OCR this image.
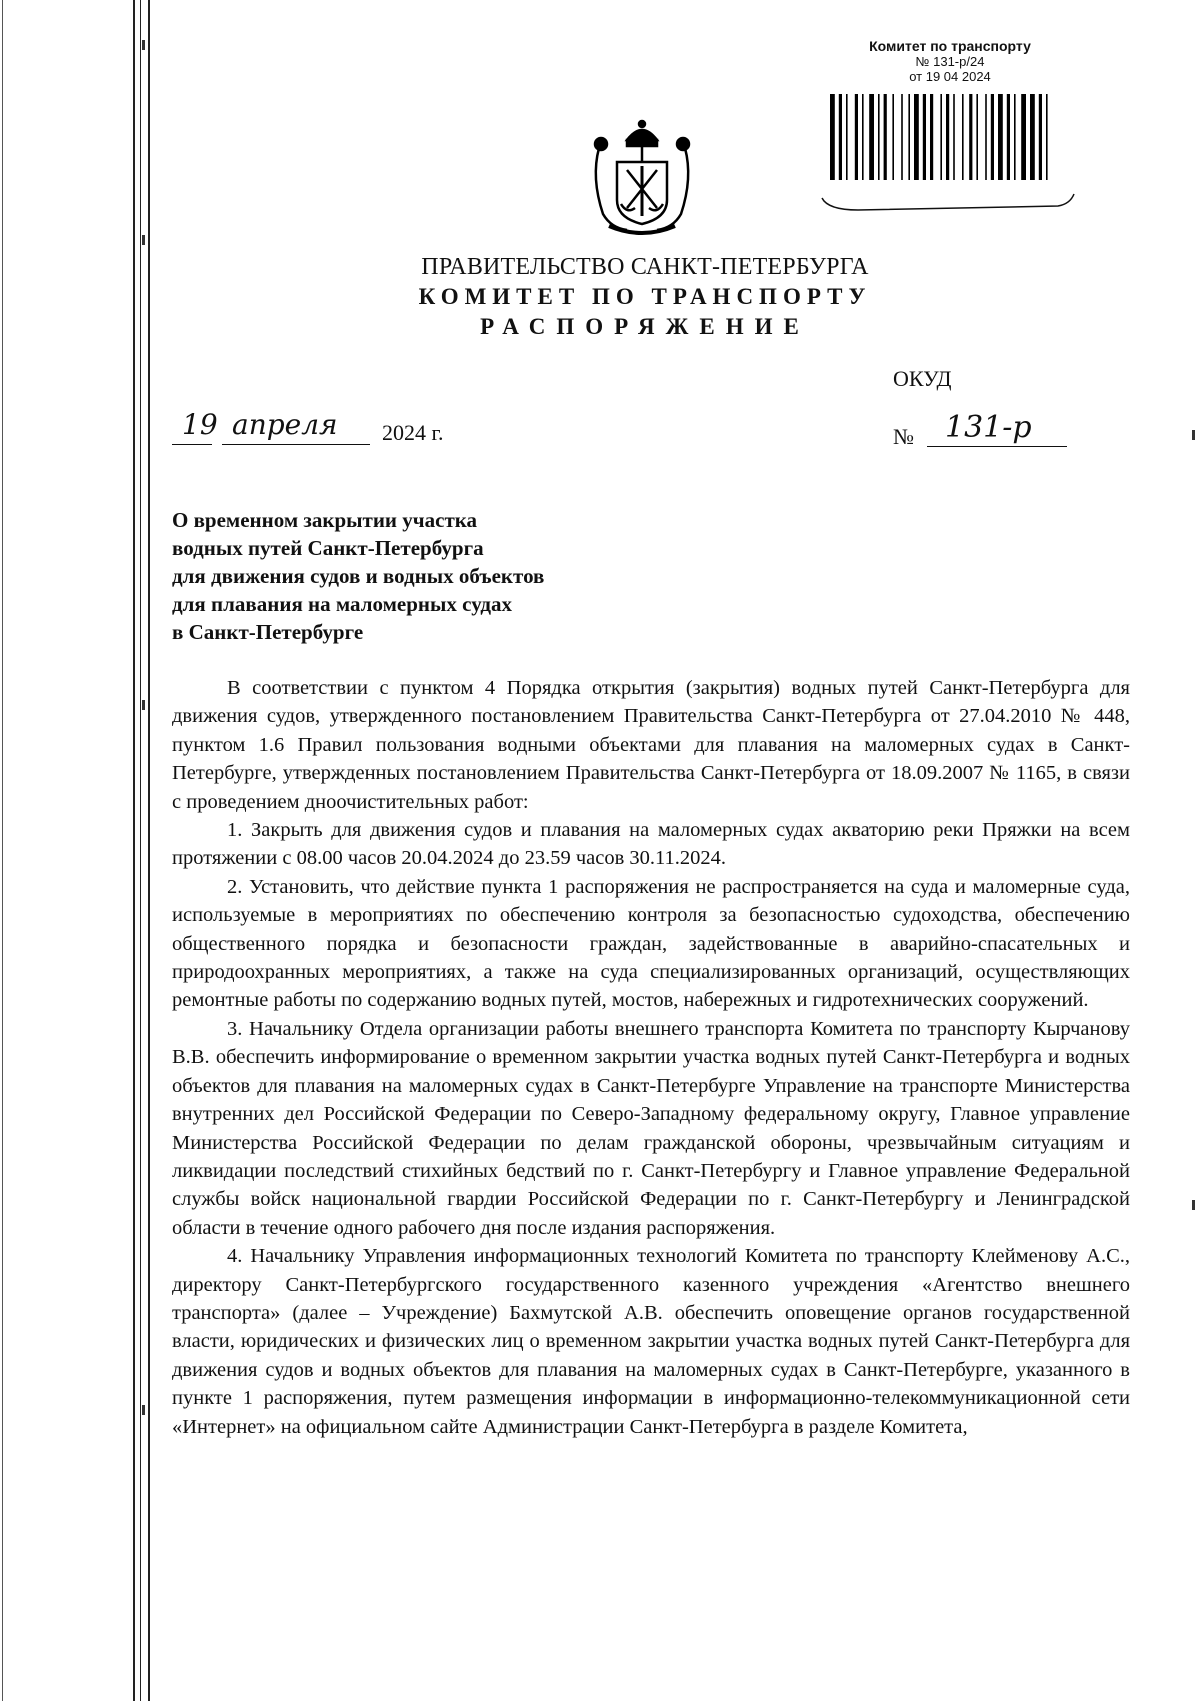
Комитет по транспорту
№ 131-р/24
от 19 04 2024
ПРАВИТЕЛЬСТВО САНКТ-ПЕТЕРБУРГА
КОМИТЕТ ПО ТРАНСПОРТУ
РАСПОРЯЖЕНИЕ
ОКУД
19 апреля 2024 г.	№ 131-р
О временном закрытии участка
водных путей Санкт-Петербурга
для движения судов и водных объектов
для плавания на маломерных судах
в Санкт-Петербурге

В соответствии с пунктом 4 Порядка открытия (закрытия) водных путей Санкт-Петербурга для движения судов, утвержденного постановлением Правительства Санкт-Петербурга от 27.04.2010 № 448, пунктом 1.6 Правил пользования водными объектами для плавания на маломерных судах в Санкт-Петербурге, утвержденных постановлением Правительства Санкт-Петербурга от 18.09.2007 № 1165, в связи с проведением дноочистительных работ:

1. Закрыть для движения судов и плавания на маломерных судах акваторию реки Пряжки на всем протяжении с 08.00 часов 20.04.2024 до 23.59 часов 30.11.2024.

2. Установить, что действие пункта 1 распоряжения не распространяется на суда и маломерные суда, используемые в мероприятиях по обеспечению контроля за безопасностью судоходства, обеспечению общественного порядка и безопасности граждан, задействованные в аварийно-спасательных и природоохранных мероприятиях, а также на суда специализированных организаций, осуществляющих ремонтные работы по содержанию водных путей, мостов, набережных и гидротехнических сооружений.

3. Начальнику Отдела организации работы внешнего транспорта Комитета по транспорту Кырчанову В.В. обеспечить информирование о временном закрытии участка водных путей Санкт-Петербурга и водных объектов для плавания на маломерных судах в Санкт-Петербурге Управление на транспорте Министерства внутренних дел Российской Федерации по Северо-Западному федеральному округу, Главное управление Министерства Российской Федерации по делам гражданской обороны, чрезвычайным ситуациям и ликвидации последствий стихийных бедствий по г. Санкт-Петербургу и Главное управление Федеральной службы войск национальной гвардии Российской Федерации по г. Санкт-Петербургу и Ленинградской области в течение одного рабочего дня после издания распоряжения.

4. Начальнику Управления информационных технологий Комитета по транспорту Клейменову А.С., директору Санкт-Петербургского государственного казенного учреждения «Агентство внешнего транспорта» (далее – Учреждение) Бахмутской А.В. обеспечить оповещение органов государственной власти, юридических и физических лиц о временном закрытии участка водных путей Санкт-Петербурга для движения судов и водных объектов для плавания на маломерных судах в Санкт-Петербурге, указанного в пункте 1 распоряжения, путем размещения информации в информационно-телекоммуникационной сети «Интернет» на официальном сайте Администрации Санкт-Петербурга в разделе Комитета,
